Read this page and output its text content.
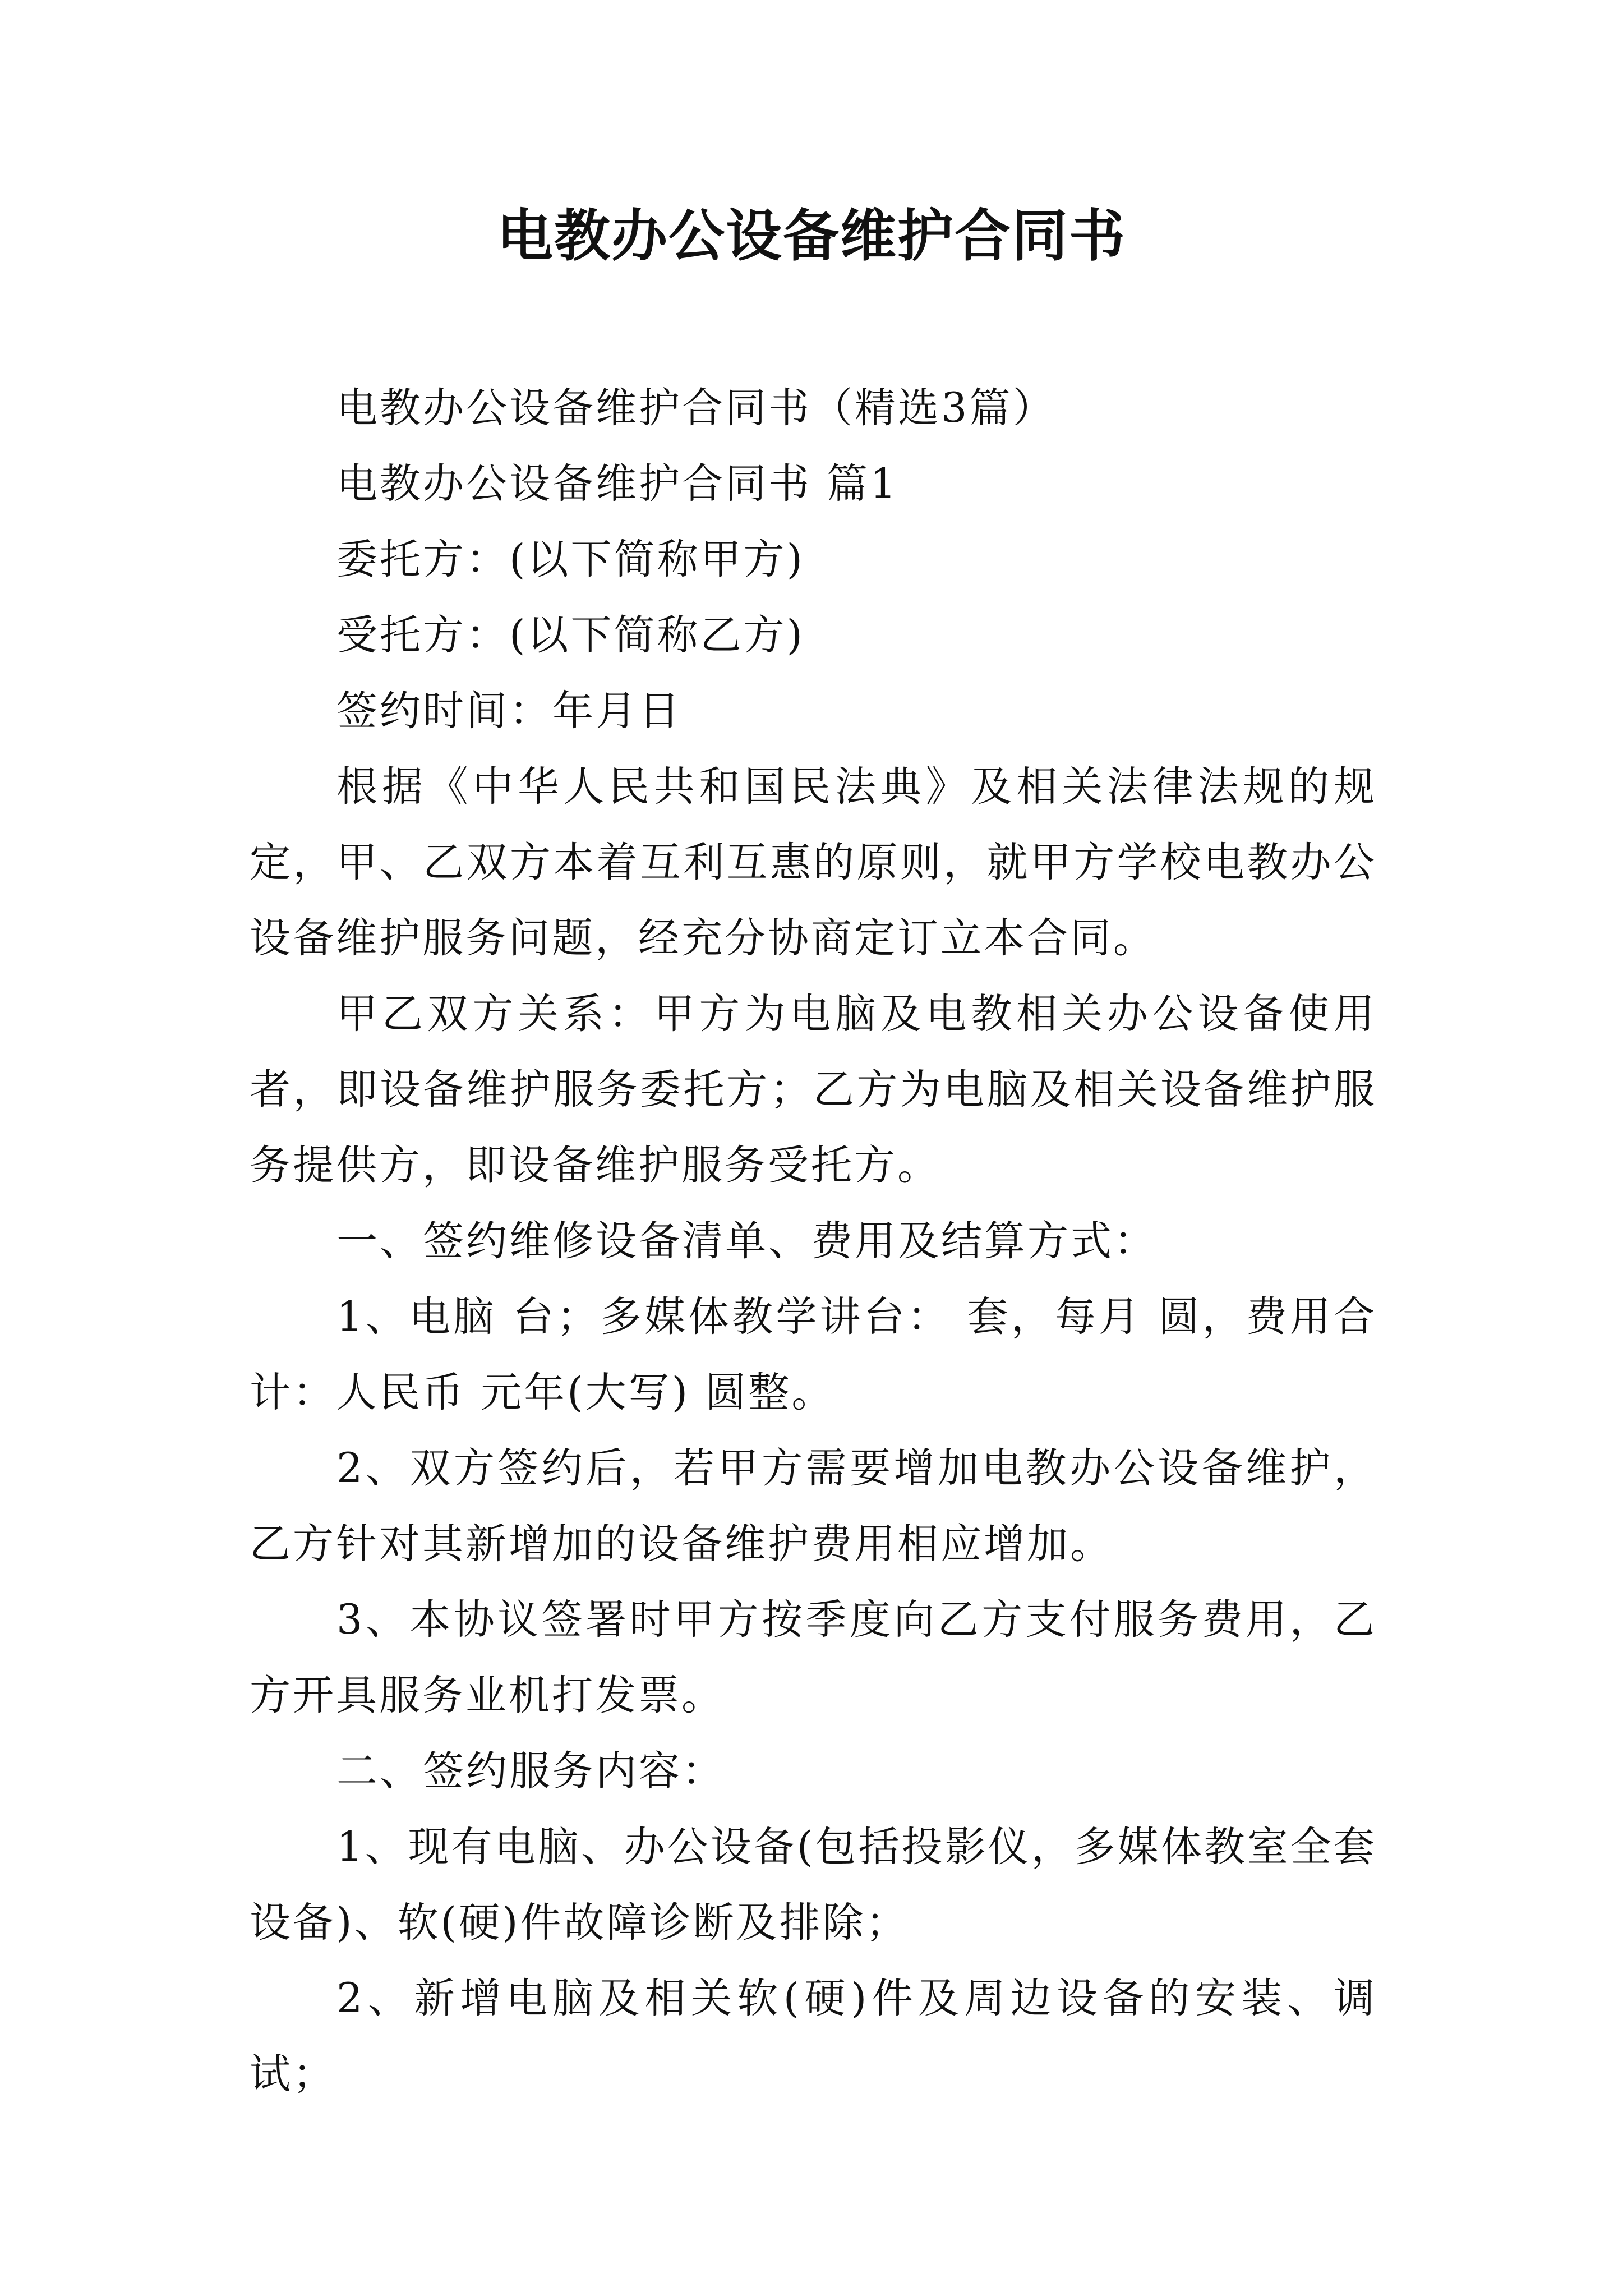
电教办公设备维护合同书

电教办公设备维护合同书（精选3篇）

电教办公设备维护合同书 篇1

委托方：(以下简称甲方)

受托方：(以下简称乙方)

签约时间：年月日

根据《中华人民共和国民法典》及相关法律法规的规定，甲、乙双方本着互利互惠的原则，就甲方学校电教办公设备维护服务问题，经充分协商定订立本合同。

甲乙双方关系：甲方为电脑及电教相关办公设备使用者，即设备维护服务委托方；乙方为电脑及相关设备维护服务提供方，即设备维护服务受托方。

一、签约维修设备清单、费用及结算方式：

1、电脑 台；多媒体教学讲台： 套，每月 圆，费用合计：人民币 元年(大写) 圆整。

2、双方签约后，若甲方需要增加电教办公设备维护，乙方针对其新增加的设备维护费用相应增加。

3、本协议签署时甲方按季度向乙方支付服务费用，乙方开具服务业机打发票。

二、签约服务内容：

1、现有电脑、办公设备(包括投影仪，多媒体教室全套设备)、软(硬)件故障诊断及排除；

2、新增电脑及相关软(硬)件及周边设备的安装、调试；
